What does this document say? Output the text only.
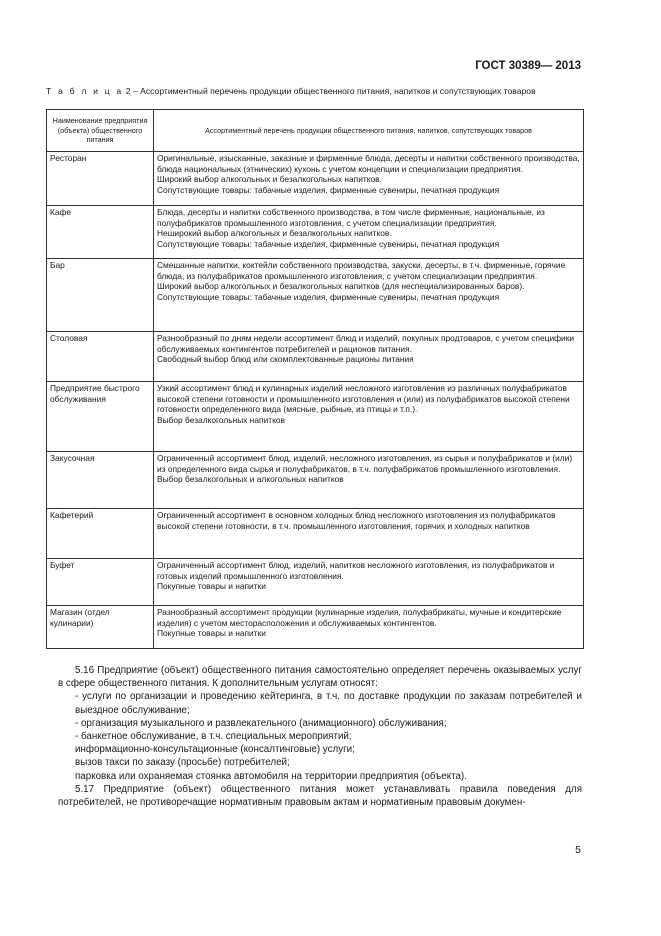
ГОСТ 30389— 2013
Т а б л и ц а 2 – Ассортиментный перечень продукции общественного питания, напитков и сопутствующих товаров
Наименование предприятия (объекта) общественного питания	Ассортиментный перечень продукции общественного питания, напитков, сопутствующих товаров
Ресторан	Оригинальные, изысканные, заказные и фирменные блюда, десерты и напитки собственного производства, блюда национальных (этнических) кухонь с учетом концепции и специализации предприятия.

Широкий выбор алкогольных и безалкогольных напитков.

Сопутствующие товары: табачные изделия, фирменные сувениры, печатная продукция

Кафе	Блюда, десерты и напитки собственного производства, в том числе фирменные, национальные, из полуфабрикатов промышленного изготовления, с учетом специализации предприятия.

Неширокий выбор алкогольных и безалкогольных напитков.

Сопутствующие товары: табачные изделия, фирменные сувениры, печатная продукция

Бар	Смешанные напитки, коктейли собственного производства, закуски, десерты, в т.ч. фирменные, горячие блюда, из полуфабрикатов промышленного изготовления, с учетом специализации предприятия.

Широкий выбор алкогольных и безалкогольных напитков (для неспециализированных баров).

Сопутствующие товары: табачные изделия, фирменные сувениры, печатная продукция

Столовая	Разнообразный по дням недели ассортимент блюд и изделий, покупных продтоваров, с учетом специфики обслуживаемых контингентов потребителей и рационов питания.

Свободный выбор блюд или скомплектованные рационы питания

Предприятие быстрого обслуживания	Узкий ассортимент блюд и кулинарных изделий несложного изготовления из различных полуфабрикатов высокой степени готовности и промышленного изготовления и (или) из полуфабрикатов высокой степени готовности определенного вида (мясные, рыбные, из птицы и т.п.).

Выбор безалкогольных напитков

Закусочная	Ограниченный ассортимент блюд, изделий, несложного изготовления, из сырья и полуфабрикатов и (или) из определенного вида сырья и полуфабрикатов, в т.ч. полуфабрикатов промышленного изготовления.

Выбор безалкогольных и алкогольных напитков

Кафетерий	Ограниченный ассортимент в основном холодных блюд несложного изготовления из полуфабрикатов высокой степени готовности, в т.ч. промышленного изготовления, горячих и холодных напитков

Буфет	Ограниченный ассортимент блюд, изделий, напитков несложного изготовления, из полуфабрикатов и готовых изделий промышленного изготовления.

Покупные товары и напитки

Магазин (отдел кулинарии)	Разнообразный ассортимент продукции (кулинарные изделия, полуфабрикаты, мучные и кондитерские изделия) с учетом месторасположения и обслуживаемых контингентов.

Покупные товары и напитки

5.16 Предприятие (объект) общественного питания самостоятельно определяет перечень оказываемых услуг в сфере общественного питания. К дополнительным услугам относят:

- услуги по организации и проведению кейтеринга, в т.ч. по доставке продукции по заказам потребителей и выездное обслуживание;

- организация музыкального и развлекательного (анимационного) обслуживания;

- банкетное обслуживание, в т.ч. специальных мероприятий;

информационно-консультационные (консалтинговые) услуги;

вызов такси по заказу (просьбе) потребителей;

парковка или охраняемая стоянка автомобиля на территории предприятия (объекта).

5.17 Предприятие (объект) общественного питания может устанавливать правила поведения для потребителей, не противоречащие нормативным правовым актам и нормативным правовым докумен-

5
